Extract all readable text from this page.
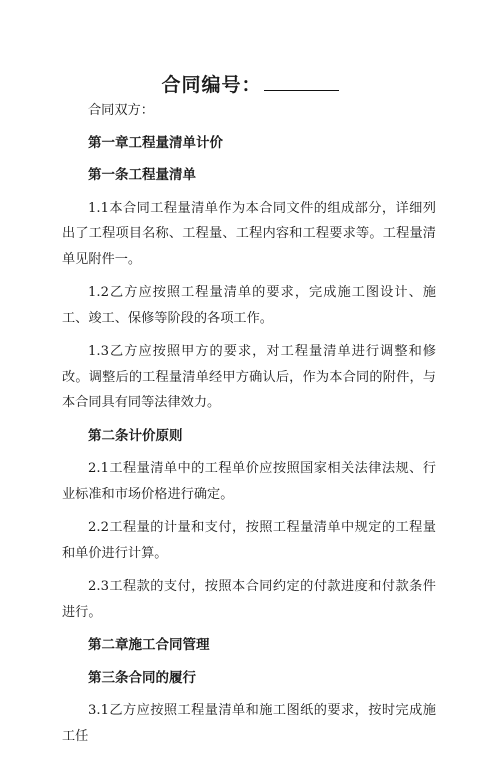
合同编号：

合同双方：

第一章工程量清单计价
第一条工程量清单

1.1本合同工程量清单作为本合同文件的组成部分，详细列出了工程项目名称、工程量、工程内容和工程要求等。工程量清单见附件一。

1.2乙方应按照工程量清单的要求，完成施工图设计、施工、竣工、保修等阶段的各项工作。

1.3乙方应按照甲方的要求，对工程量清单进行调整和修改。调整后的工程量清单经甲方确认后，作为本合同的附件，与本合同具有同等法律效力。

第二条计价原则

2.1工程量清单中的工程单价应按照国家相关法律法规、行业标准和市场价格进行确定。

2.2工程量的计量和支付，按照工程量清单中规定的工程量和单价进行计算。

2.3工程款的支付，按照本合同约定的付款进度和付款条件进行。

第二章施工合同管理
第三条合同的履行

3.1乙方应按照工程量清单和施工图纸的要求，按时完成施工任
